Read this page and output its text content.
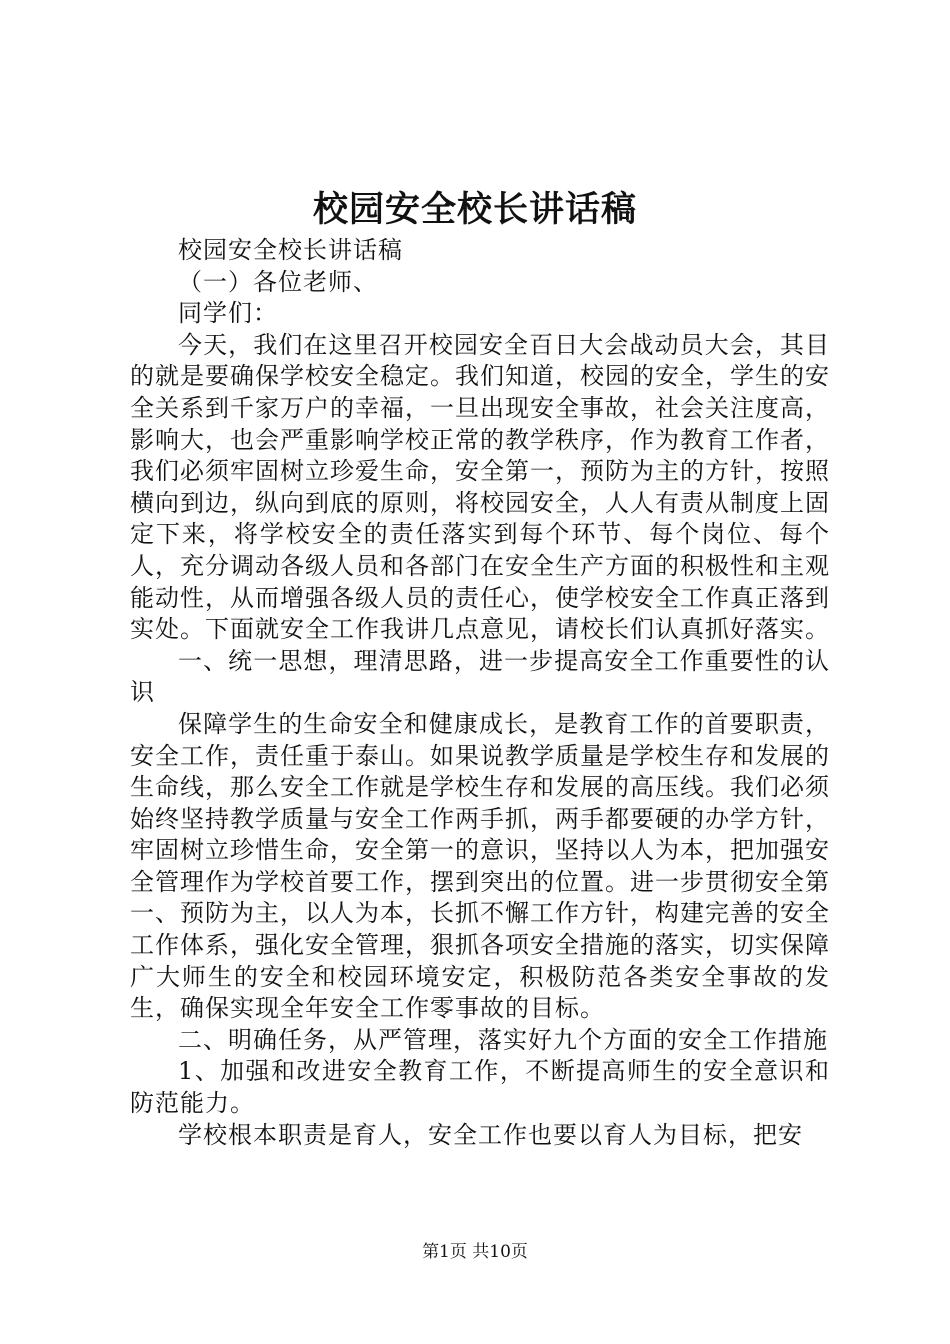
校园安全校长讲话稿

校园安全校长讲话稿

（一）各位老师、

同学们：

今天，我们在这里召开校园安全百日大会战动员大会，其目的就是要确保学校安全稳定。我们知道，校园的安全，学生的安全关系到千家万户的幸福，一旦出现安全事故，社会关注度高，影响大，也会严重影响学校正常的教学秩序，作为教育工作者，我们必须牢固树立珍爱生命，安全第一，预防为主的方针，按照横向到边，纵向到底的原则，将校园安全，人人有责从制度上固定下来，将学校安全的责任落实到每个环节、每个岗位、每个人，充分调动各级人员和各部门在安全生产方面的积极性和主观能动性，从而增强各级人员的责任心，使学校安全工作真正落到实处。下面就安全工作我讲几点意见，请校长们认真抓好落实。

一、统一思想，理清思路，进一步提高安全工作重要性的认识

保障学生的生命安全和健康成长，是教育工作的首要职责，安全工作，责任重于泰山。如果说教学质量是学校生存和发展的生命线，那么安全工作就是学校生存和发展的高压线。我们必须始终坚持教学质量与安全工作两手抓，两手都要硬的办学方针，牢固树立珍惜生命，安全第一的意识，坚持以人为本，把加强安全管理作为学校首要工作，摆到突出的位置。进一步贯彻安全第一、预防为主，以人为本，长抓不懈工作方针，构建完善的安全工作体系，强化安全管理，狠抓各项安全措施的落实，切实保障广大师生的安全和校园环境安定，积极防范各类安全事故的发生，确保实现全年安全工作零事故的目标。

二、明确任务，从严管理，落实好九个方面的安全工作措施

1、加强和改进安全教育工作，不断提高师生的安全意识和防范能力。

学校根本职责是育人，安全工作也要以育人为目标，把安

第1页 共10页
